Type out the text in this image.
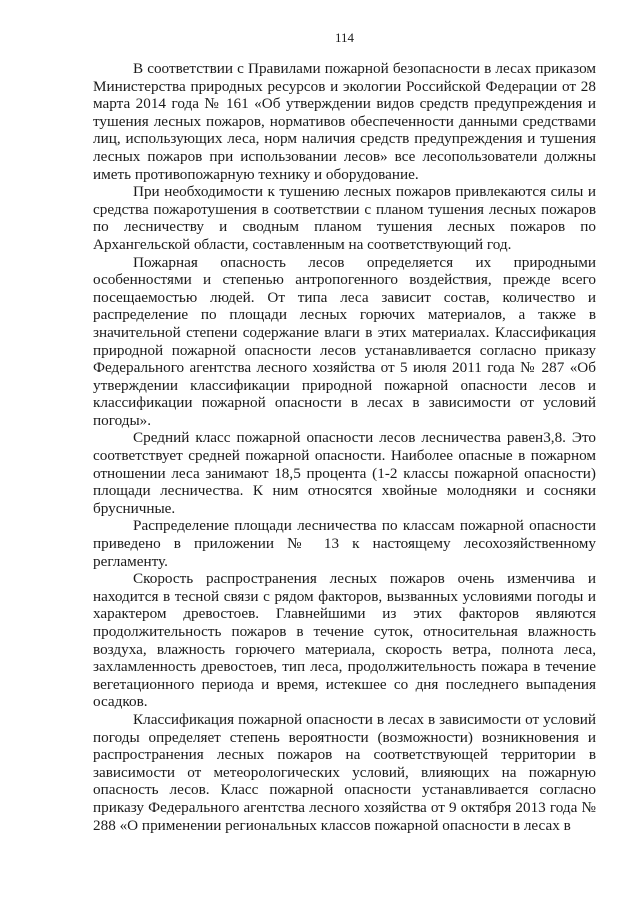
114

В соответствии с Правилами пожарной безопасности в лесах приказом Министерства природных ресурсов и экологии Российской Федерации от 28 марта 2014 года № 161 «Об утверждении видов средств предупреждения и тушения лесных пожаров, нормативов обеспеченности данными средствами лиц, использующих леса, норм наличия средств предупреждения и тушения лесных пожаров при использовании лесов» все лесопользователи должны иметь противопожарную технику и оборудование.

При необходимости к тушению лесных пожаров привлекаются силы и средства пожаротушения в соответствии с планом тушения лесных пожаров по лесничеству и сводным планом тушения лесных пожаров по Архангельской области, составленным на соответствующий год.

Пожарная опасность лесов определяется их природными особенностями и степенью антропогенного воздействия, прежде всего посещаемостью людей. От типа леса зависит состав, количество и распределение по площади лесных горючих материалов, а также в значительной степени содержание влаги в этих материалах. Классификация природной пожарной опасности лесов устанавливается согласно приказу Федерального агентства лесного хозяйства от 5 июля 2011 года № 287 «Об утверждении классификации природной пожарной опасности лесов и классификации пожарной опасности в лесах в зависимости от условий погоды».

Средний класс пожарной опасности лесов лесничества равен3,8. Это соответствует средней пожарной опасности. Наиболее опасные в пожарном отношении леса занимают 18,5 процента (1-2 классы пожарной опасности) площади лесничества. К ним относятся хвойные молодняки и сосняки брусничные.

Распределение площади лесничества по классам пожарной опасности приведено в приложении № 13 к настоящему лесохозяйственному регламенту.

Скорость распространения лесных пожаров очень изменчива и находится в тесной связи с рядом факторов, вызванных условиями погоды и характером древостоев. Главнейшими из этих факторов являются продолжительность пожаров в течение суток, относительная влажность воздуха, влажность горючего материала, скорость ветра, полнота леса, захламленность древостоев, тип леса, продолжительность пожара в течение вегетационного периода и время, истекшее со дня последнего выпадения осадков.

Классификация пожарной опасности в лесах в зависимости от условий погоды определяет степень вероятности (возможности) возникновения и распространения лесных пожаров на соответствующей территории в зависимости от метеорологических условий, влияющих на пожарную опасность лесов. Класс пожарной опасности устанавливается согласно приказу Федерального агентства лесного хозяйства от 9 октября 2013 года № 288 «О применении региональных классов пожарной опасности в лесах в
